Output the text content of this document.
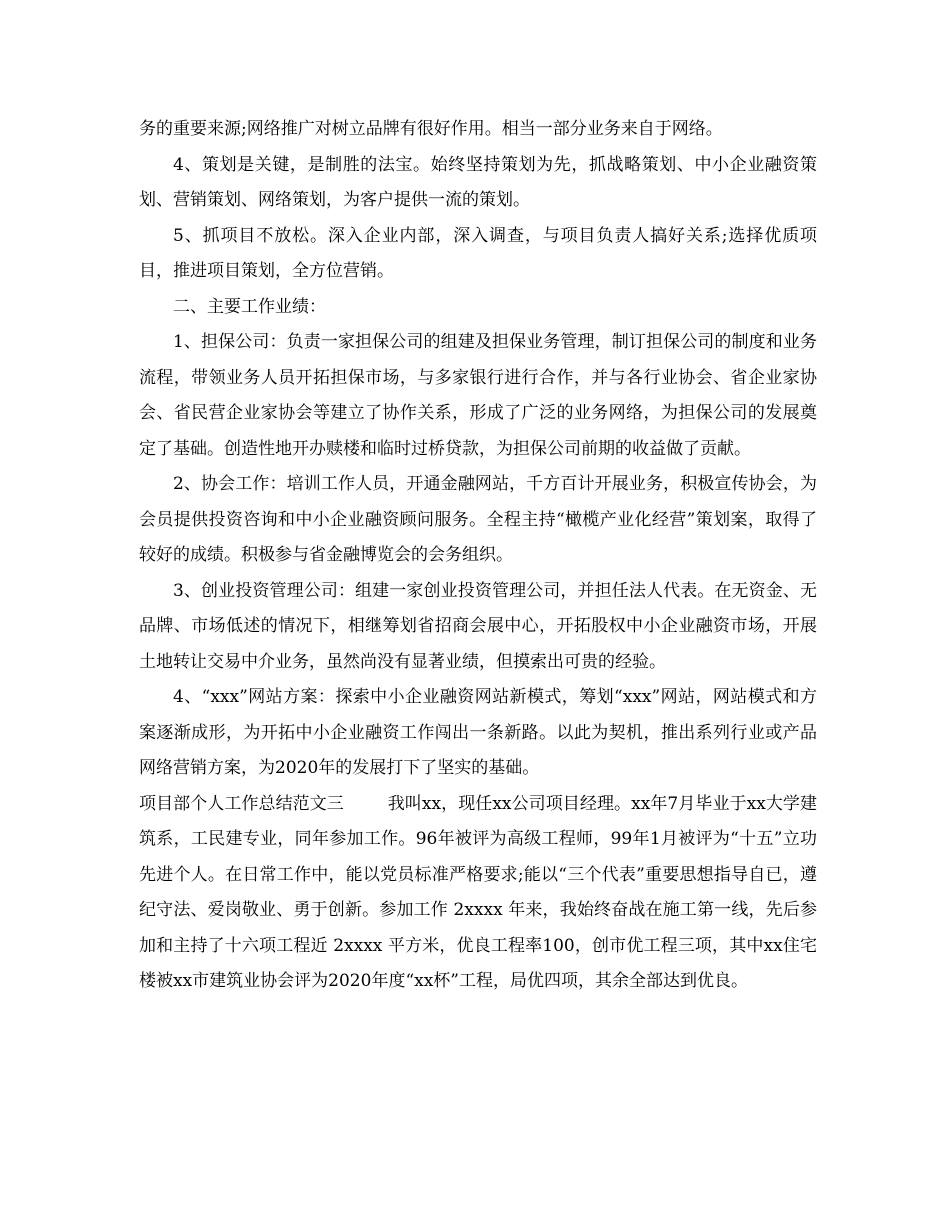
务的重要来源;网络推广对树立品牌有很好作用。相当一部分业务来自于网络。

4、策划是关键，是制胜的法宝。始终坚持策划为先，抓战略策划、中小企业融资策划、营销策划、网络策划，为客户提供一流的策划。

5、抓项目不放松。深入企业内部，深入调查，与项目负责人搞好关系;选择优质项目，推进项目策划，全方位营销。

二、主要工作业绩：

1、担保公司：负责一家担保公司的组建及担保业务管理，制订担保公司的制度和业务流程，带领业务人员开拓担保市场，与多家银行进行合作，并与各行业协会、省企业家协会、省民营企业家协会等建立了协作关系，形成了广泛的业务网络，为担保公司的发展奠定了基础。创造性地开办赎楼和临时过桥贷款，为担保公司前期的收益做了贡献。

2、协会工作：培训工作人员，开通金融网站，千方百计开展业务，积极宣传协会，为会员提供投资咨询和中小企业融资顾问服务。全程主持“橄榄产业化经营”策划案，取得了较好的成绩。积极参与省金融博览会的会务组织。

3、创业投资管理公司：组建一家创业投资管理公司，并担任法人代表。在无资金、无品牌、市场低述的情况下，相继筹划省招商会展中心，开拓股权中小企业融资市场，开展土地转让交易中介业务，虽然尚没有显著业绩，但摸索出可贵的经验。

4、“xxx”网站方案：探索中小企业融资网站新模式，筹划“xxx”网站，网站模式和方案逐渐成形，为开拓中小企业融资工作闯出一条新路。以此为契机，推出系列行业或产品网络营销方案，为2020年的发展打下了坚实的基础。

项目部个人工作总结范文三	我叫xx，现任xx公司项目经理。xx年7月毕业于xx大学建筑系，工民建专业，同年参加工作。96年被评为高级工程师，99年1月被评为“十五”立功先进个人。在日常工作中，能以党员标准严格要求;能以“三个代表”重要思想指导自已，遵纪守法、爱岗敬业、勇于创新。参加工作 2xxxx 年来，我始终奋战在施工第一线，先后参加和主持了十六项工程近 2xxxx 平方米，优良工程率100，创市优工程三项，其中xx住宅楼被xx市建筑业协会评为2020年度“xx杯”工程，局优四项，其余全部达到优良。
